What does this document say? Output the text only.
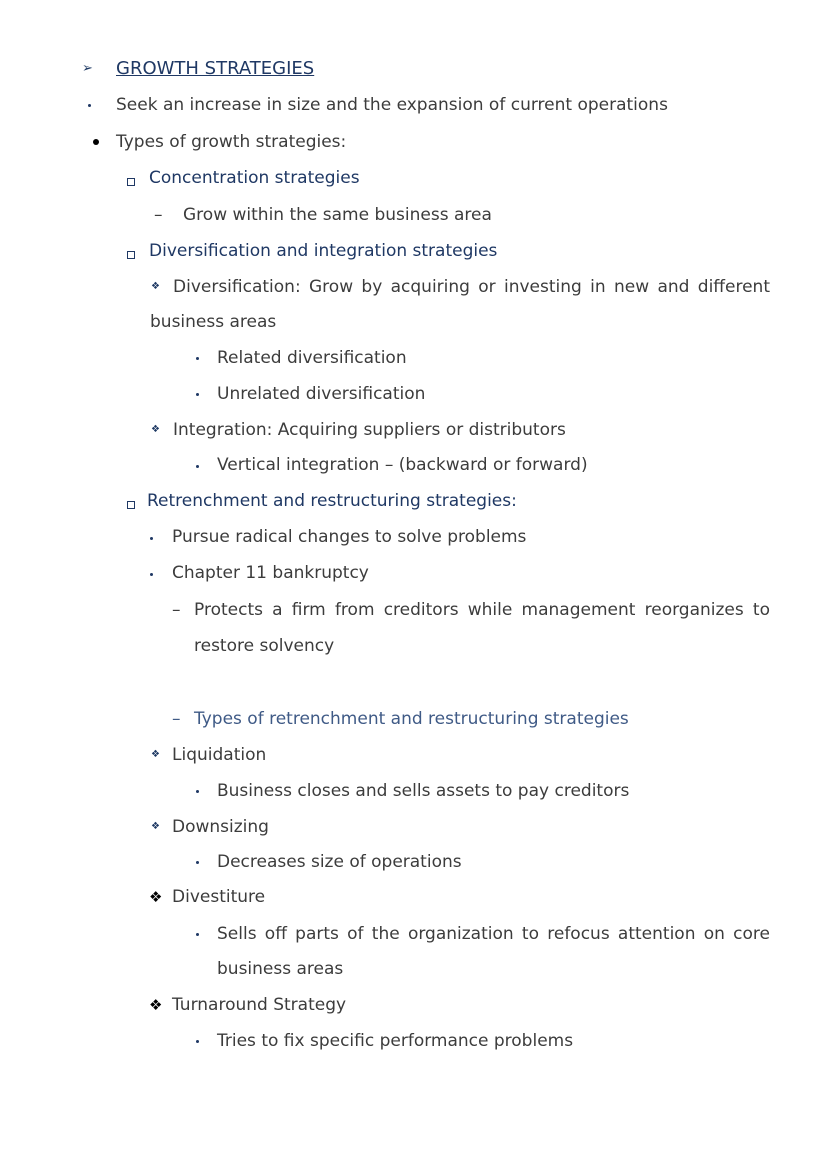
➢ GROWTH STRATEGIES
Seek an increase in size and the expansion of current operations
Types of growth strategies:
Concentration strategies
– Grow within the same business area
Diversification and integration strategies
❖ Diversification: Grow by acquiring or investing in new and different
business areas
Related diversification
Unrelated diversification
❖ Integration: Acquiring suppliers or distributors
Vertical integration – (backward or forward)
Retrenchment and restructuring strategies:
Pursue radical changes to solve problems
Chapter 11 bankruptcy
– Protects a firm from creditors while management reorganizes to
restore solvency
– Types of retrenchment and restructuring strategies
❖ Liquidation
Business closes and sells assets to pay creditors
❖ Downsizing
Decreases size of operations
❖ Divestiture
Sells off parts of the organization to refocus attention on core
business areas
❖ Turnaround Strategy
Tries to fix specific performance problems
